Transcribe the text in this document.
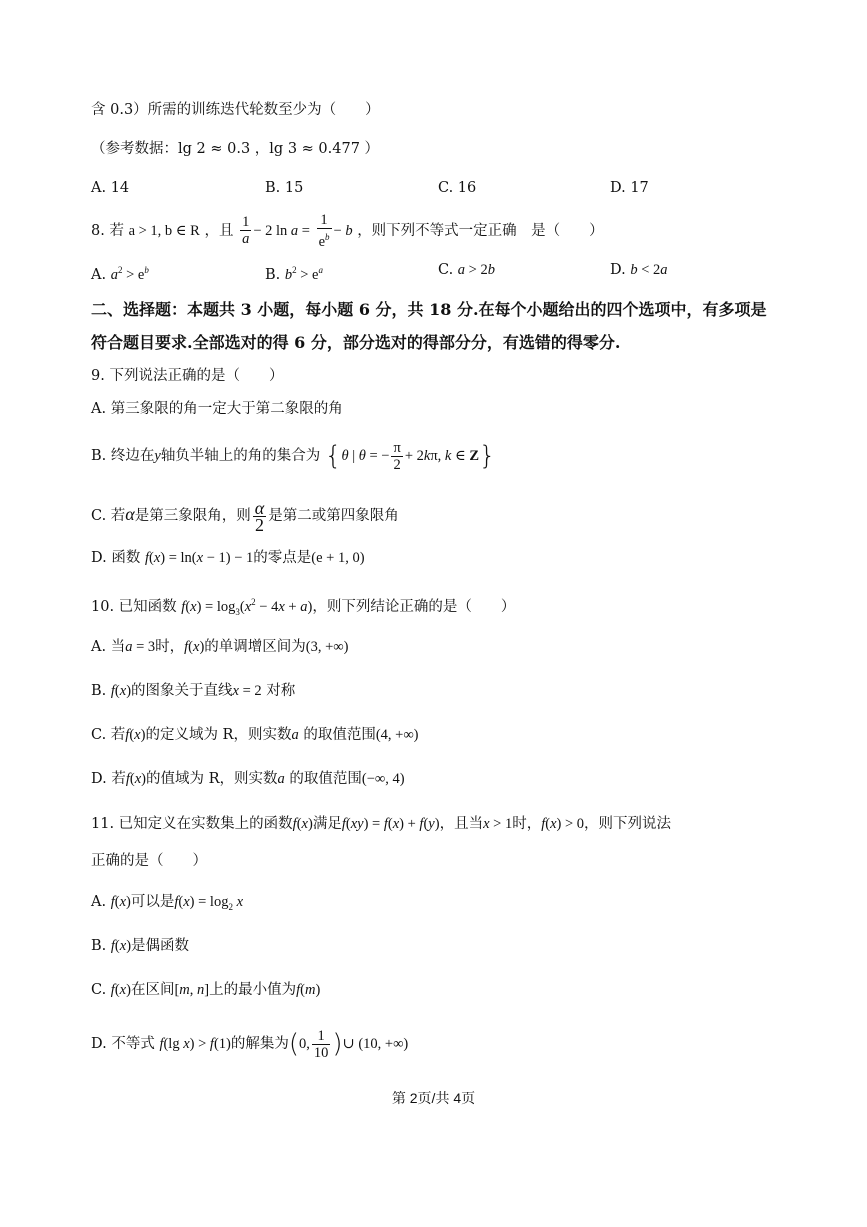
含 0.3）所需的训练迭代轮数至少为（　　）
（参考数据：lg 2 ≈ 0.3 ，lg 3 ≈ 0.477 ）
A. 14	B. 15	C. 16	D. 17
8. 若 a > 1, b ∈ R ，且 $\frac{1}{a} - 2$ $\ln a = \frac{1}{e^b} - b$ ，则下列不等式一定正确　是（　　）
A. $a^2 > e^b$	B. $b^2 > e^a$	C. a > 2b	D. b < 2a
二、选择题：本题共 3 小题，每小题 6 分，共 18 分.在每个小题给出的四个选项中，有多项是
符合题目要求.全部选对的得 6 分，部分选对的得部分分，有选错的得零分.
9. 下列说法正确的是（　　）
A. 第三象限的角一定大于第二象限的角
B. 终边在y轴负半轴上的角的集合为 {θ | θ = − $\frac{\pi}{2} + 2k\pi$, k ∈ Z}
C. 若α是第三象限角，则 $\frac{\alpha}{2}$ 是第二或第四象限角
D. 函数 f(x) = ln(x − 1) − 1的零点是(e + 1, 0)
10. 已知函数 $f(x) = \log_3(x^2 - 4x + a)$，则下列结论正确的是（　　）
A. 当a = 3时，f(x)的单调增区间为(3, +∞)
B. f(x)的图象关于直线x = 2 对称
C. 若f(x)的定义域为 R，则实数a 的取值范围(4, +∞)
D. 若f(x)的值域为 R，则实数a 的取值范围(−∞, 4)
11. 已知定义在实数集上的函数f(x)满足f(xy) = f(x) + f(y)，且当x > 1时，f(x) > 0，则下列说法
正确的是（　　）
A. f(x)可以是$f(x) = \log_2 x$
B. f(x)是偶函数
C. f(x)在区间[m, n]上的最小值为f(m)
D. 不等式 f(lg x) > f(1)的解集为(0, $\frac{1}{10}$ )∪ (10, +∞)
第 2页/共 4页
